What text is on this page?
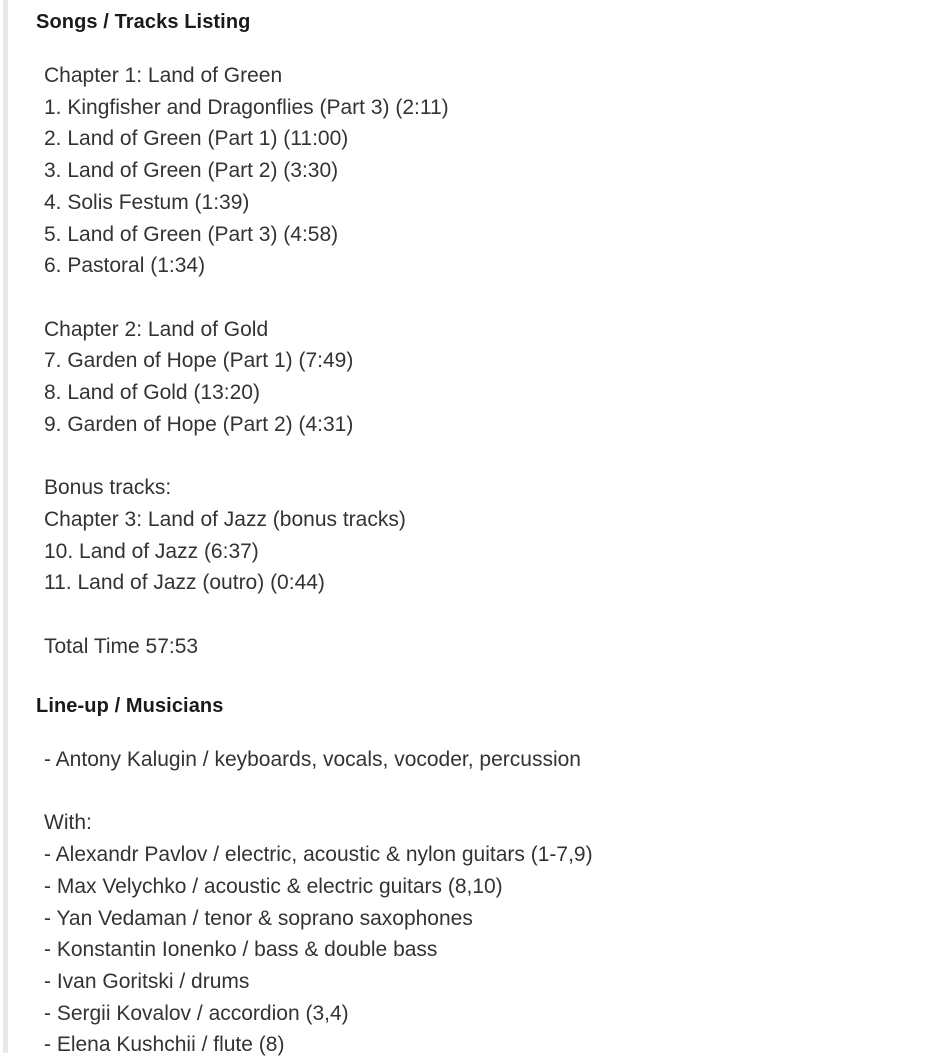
Songs / Tracks Listing
Chapter 1: Land of Green
1. Kingfisher and Dragonflies (Part 3) (2:11)
2. Land of Green (Part 1) (11:00)
3. Land of Green (Part 2) (3:30)
4. Solis Festum (1:39)
5. Land of Green (Part 3) (4:58)
6. Pastoral (1:34)
Chapter 2: Land of Gold
7. Garden of Hope (Part 1) (7:49)
8. Land of Gold (13:20)
9. Garden of Hope (Part 2) (4:31)
Bonus tracks:
Chapter 3: Land of Jazz (bonus tracks)
10. Land of Jazz (6:37)
11. Land of Jazz (outro) (0:44)
Total Time 57:53
Line-up / Musicians
- Antony Kalugin / keyboards, vocals, vocoder, percussion
With:
- Alexandr Pavlov / electric, acoustic & nylon guitars (1-7,9)
- Max Velychko / acoustic & electric guitars (8,10)
- Yan Vedaman / tenor & soprano saxophones
- Konstantin Ionenko / bass & double bass
- Ivan Goritski / drums
- Sergii Kovalov / accordion (3,4)
- Elena Kushchii / flute (8)
